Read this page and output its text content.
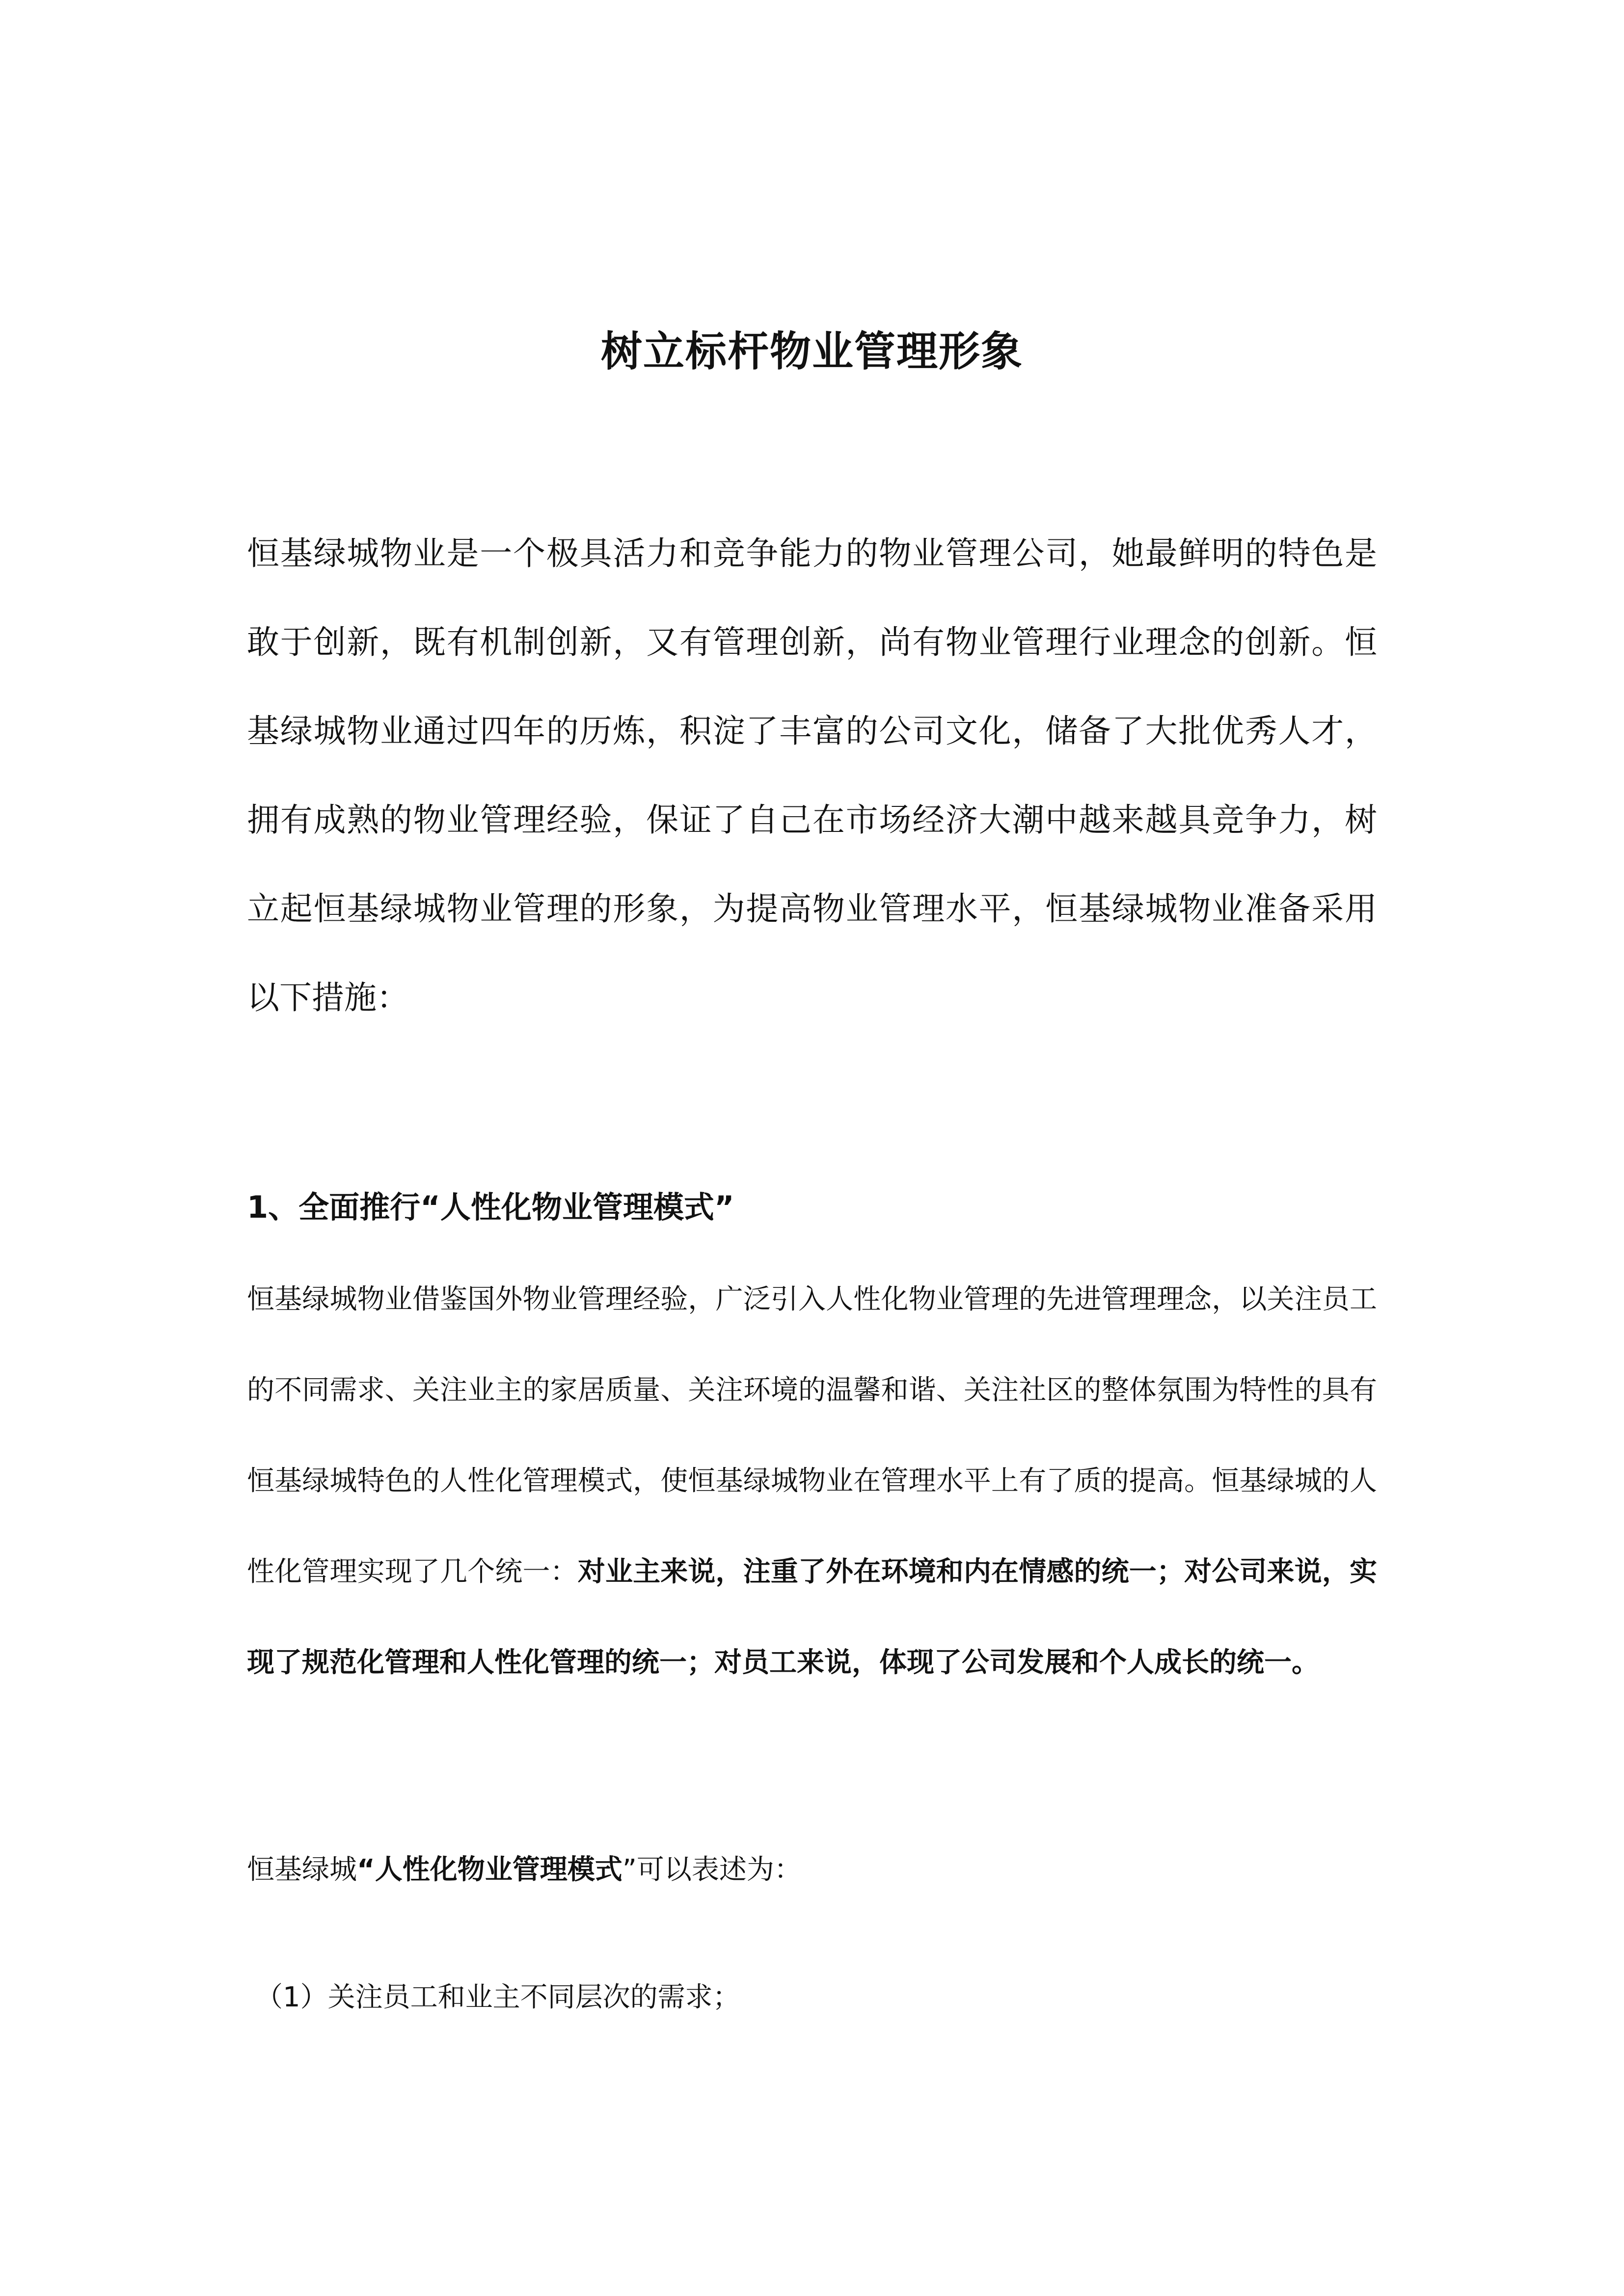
树立标杆物业管理形象

恒基绿城物业是一个极具活力和竞争能力的物业管理公司，她最鲜明的特色是敢于创新，既有机制创新，又有管理创新，尚有物业管理行业理念的创新。恒基绿城物业通过四年的历炼，积淀了丰富的公司文化，储备了大批优秀人才，拥有成熟的物业管理经验，保证了自己在市场经济大潮中越来越具竞争力，树立起恒基绿城物业管理的形象，为提高物业管理水平，恒基绿城物业准备采用以下措施：

1、全面推行“人性化物业管理模式”

恒基绿城物业借鉴国外物业管理经验，广泛引入人性化物业管理的先进管理理念，以关注员工的不同需求、关注业主的家居质量、关注环境的温馨和谐、关注社区的整体氛围为特性的具有恒基绿城特色的人性化管理模式，使恒基绿城物业在管理水平上有了质的提高。恒基绿城的人性化管理实现了几个统一：对业主来说，注重了外在环境和内在情感的统一；对公司来说，实现了规范化管理和人性化管理的统一；对员工来说，体现了公司发展和个人成长的统一。

恒基绿城“人性化物业管理模式”可以表述为：

（1）关注员工和业主不同层次的需求；
